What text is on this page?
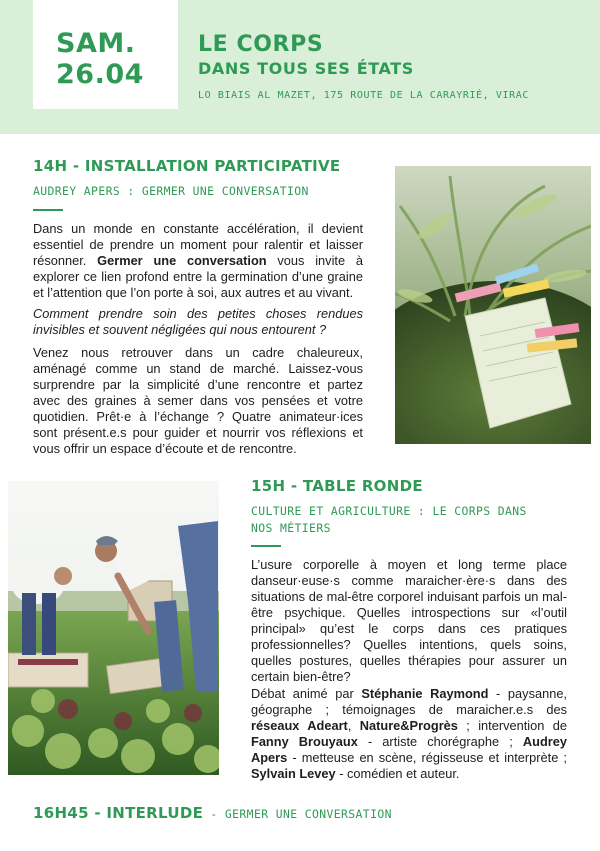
SAM.
26.04
LE CORPS
DANS TOUS SES ÉTATS
LO BIAIS AL MAZET, 175 ROUTE DE LA CARAYRIÉ, VIRAC
14H - INSTALLATION PARTICIPATIVE
AUDREY APERS : GERMER UNE CONVERSATION

Dans un monde en constante accélération, il devient essentiel de prendre un moment pour ralentir et laisser résonner. Germer une conversation vous invite à explorer ce lien profond entre la germination d’une graine et l’attention que l’on porte à soi, aux autres et au vivant.

Comment prendre soin des petites choses rendues invisibles et souvent négligées qui nous entourent ?

Venez nous retrouver dans un cadre chaleureux, aménagé comme un stand de marché. Laissez-vous surprendre par la simplicité d’une rencontre et partez avec des graines à semer dans vos pensées et votre quotidien. Prêt·e à l’échange ? Quatre animateur·ices sont présent.e.s pour guider et nourrir vos réflexions et vous offrir un espace d’écoute et de rencontre.

15H - TABLE RONDE
CULTURE ET AGRICULTURE : LE CORPS DANS
NOS MÉTIERS

L’usure corporelle à moyen et long terme place danseur·euse·s comme maraicher·ère·s dans des situations de mal-être corporel induisant parfois un mal-être psychique. Quelles introspections sur «l’outil principal» qu’est le corps dans ces pratiques professionnelles? Quelles intentions, quels soins, quelles postures, quelles thérapies pour assurer un certain bien-être?

Débat animé par Stéphanie Raymond - paysanne, géographe ; témoignages de maraicher.e.s des réseaux Adeart, Nature&Progrès ; intervention de Fanny Brouyaux - artiste chorégraphe ; Audrey Apers - metteuse en scène, régisseuse et interprète ; Sylvain Levey - comédien et auteur.

16H45 - INTERLUDE - GERMER UNE CONVERSATION
